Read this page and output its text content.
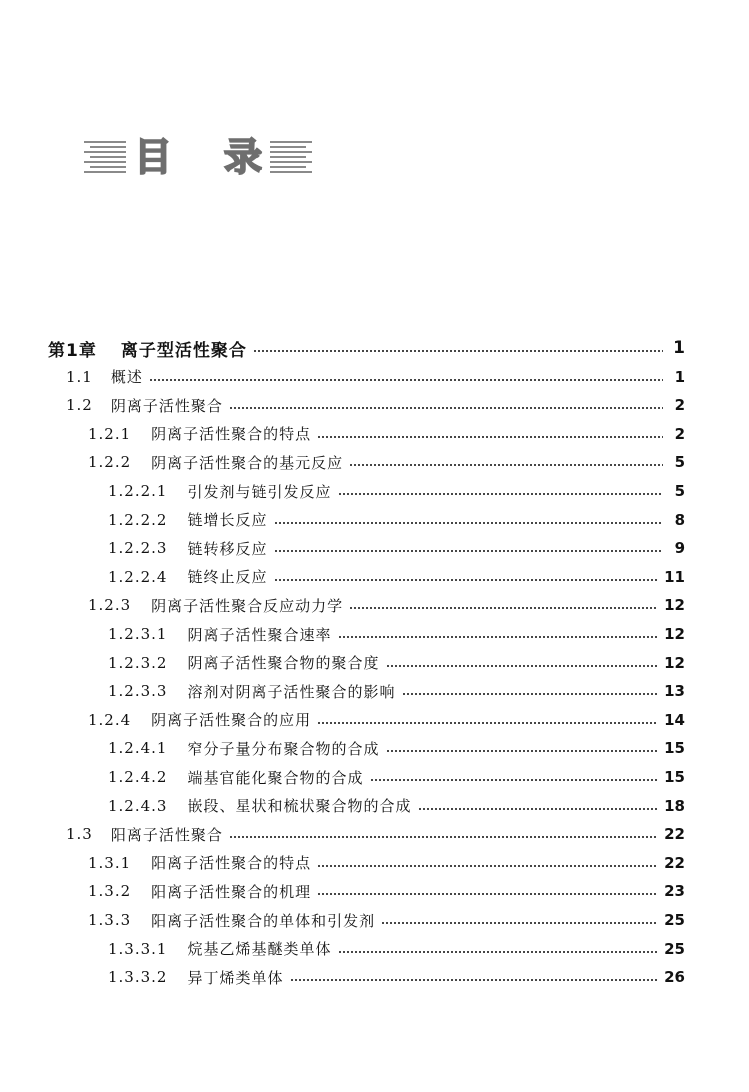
目 录
第1章 离子型活性聚合	1
1.1 概述	1
1.2 阴离子活性聚合	2
1.2.1 阴离子活性聚合的特点	2
1.2.2 阴离子活性聚合的基元反应	5
1.2.2.1 引发剂与链引发反应	5
1.2.2.2 链增长反应	8
1.2.2.3 链转移反应	9
1.2.2.4 链终止反应	11
1.2.3 阴离子活性聚合反应动力学	12
1.2.3.1 阴离子活性聚合速率	12
1.2.3.2 阴离子活性聚合物的聚合度	12
1.2.3.3 溶剂对阴离子活性聚合的影响	13
1.2.4 阴离子活性聚合的应用	14
1.2.4.1 窄分子量分布聚合物的合成	15
1.2.4.2 端基官能化聚合物的合成	15
1.2.4.3 嵌段、星状和梳状聚合物的合成	18
1.3 阳离子活性聚合	22
1.3.1 阳离子活性聚合的特点	22
1.3.2 阳离子活性聚合的机理	23
1.3.3 阳离子活性聚合的单体和引发剂	25
1.3.3.1 烷基乙烯基醚类单体	25
1.3.3.2 异丁烯类单体	26
